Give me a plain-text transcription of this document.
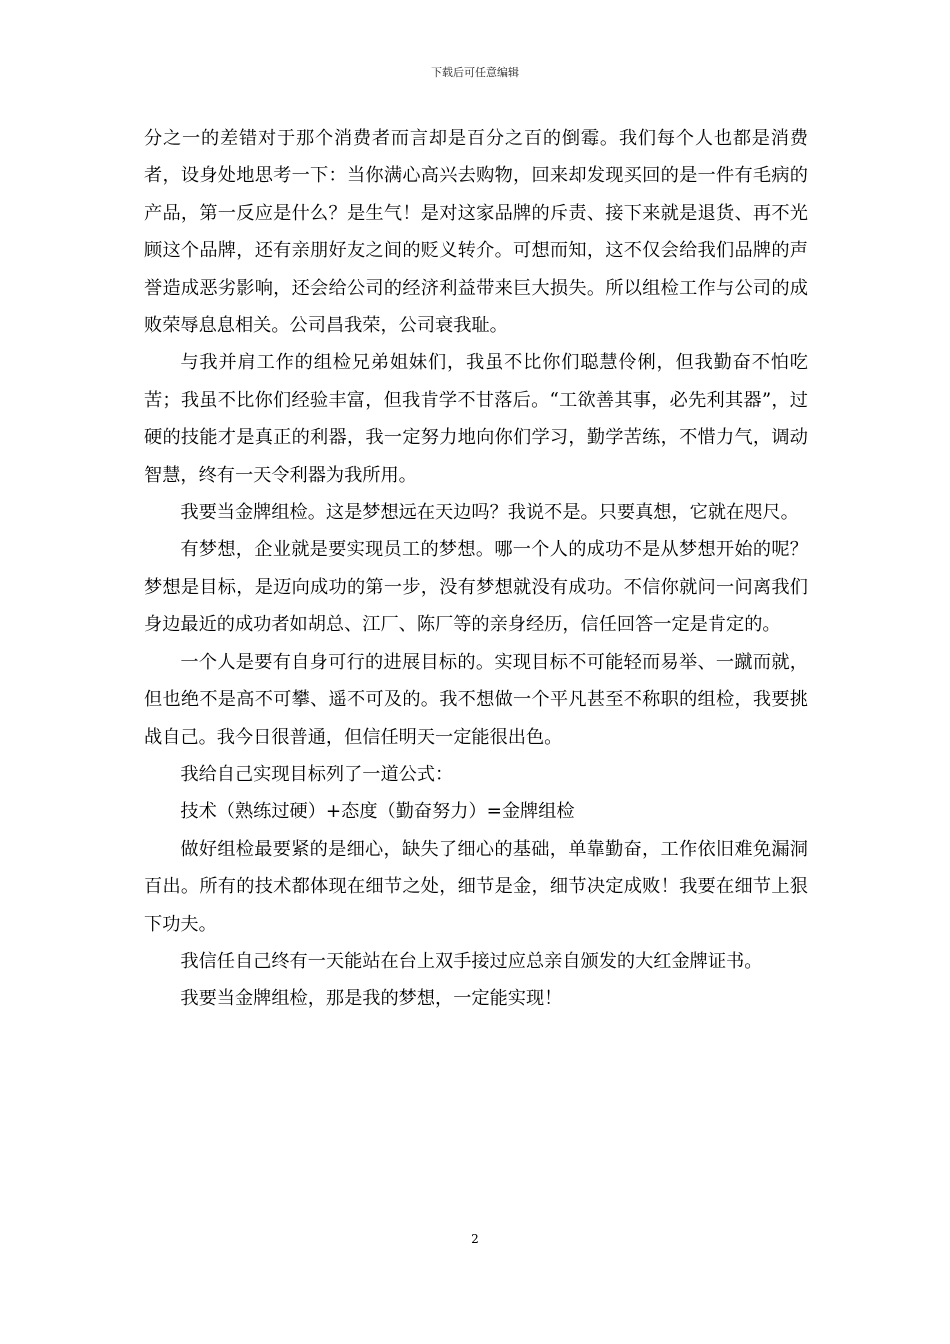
下载后可任意编辑

分之一的差错对于那个消费者而言却是百分之百的倒霉。我们每个人也都是消费者，设身处地思考一下：当你满心高兴去购物，回来却发现买回的是一件有毛病的产品，第一反应是什么？是生气！是对这家品牌的斥责、接下来就是退货、再不光顾这个品牌，还有亲朋好友之间的贬义转介。可想而知，这不仅会给我们品牌的声誉造成恶劣影响，还会给公司的经济利益带来巨大损失。所以组检工作与公司的成败荣辱息息相关。公司昌我荣，公司衰我耻。

与我并肩工作的组检兄弟姐妹们，我虽不比你们聪慧伶俐，但我勤奋不怕吃苦；我虽不比你们经验丰富，但我肯学不甘落后。“工欲善其事，必先利其器”，过硬的技能才是真正的利器，我一定努力地向你们学习，勤学苦练，不惜力气，调动智慧，终有一天令利器为我所用。

我要当金牌组检。这是梦想远在天边吗？我说不是。只要真想，它就在咫尺。

有梦想，企业就是要实现员工的梦想。哪一个人的成功不是从梦想开始的呢？梦想是目标，是迈向成功的第一步，没有梦想就没有成功。不信你就问一问离我们身边最近的成功者如胡总、江厂、陈厂等的亲身经历，信任回答一定是肯定的。

一个人是要有自身可行的进展目标的。实现目标不可能轻而易举、一蹴而就，但也绝不是高不可攀、遥不可及的。我不想做一个平凡甚至不称职的组检，我要挑战自己。我今日很普通，但信任明天一定能很出色。

我给自己实现目标列了一道公式：

技术（熟练过硬）+态度（勤奋努力）=金牌组检

做好组检最要紧的是细心，缺失了细心的基础，单靠勤奋，工作依旧难免漏洞百出。所有的技术都体现在细节之处，细节是金，细节决定成败！我要在细节上狠下功夫。

我信任自己终有一天能站在台上双手接过应总亲自颁发的大红金牌证书。

我要当金牌组检，那是我的梦想，一定能实现！

2
